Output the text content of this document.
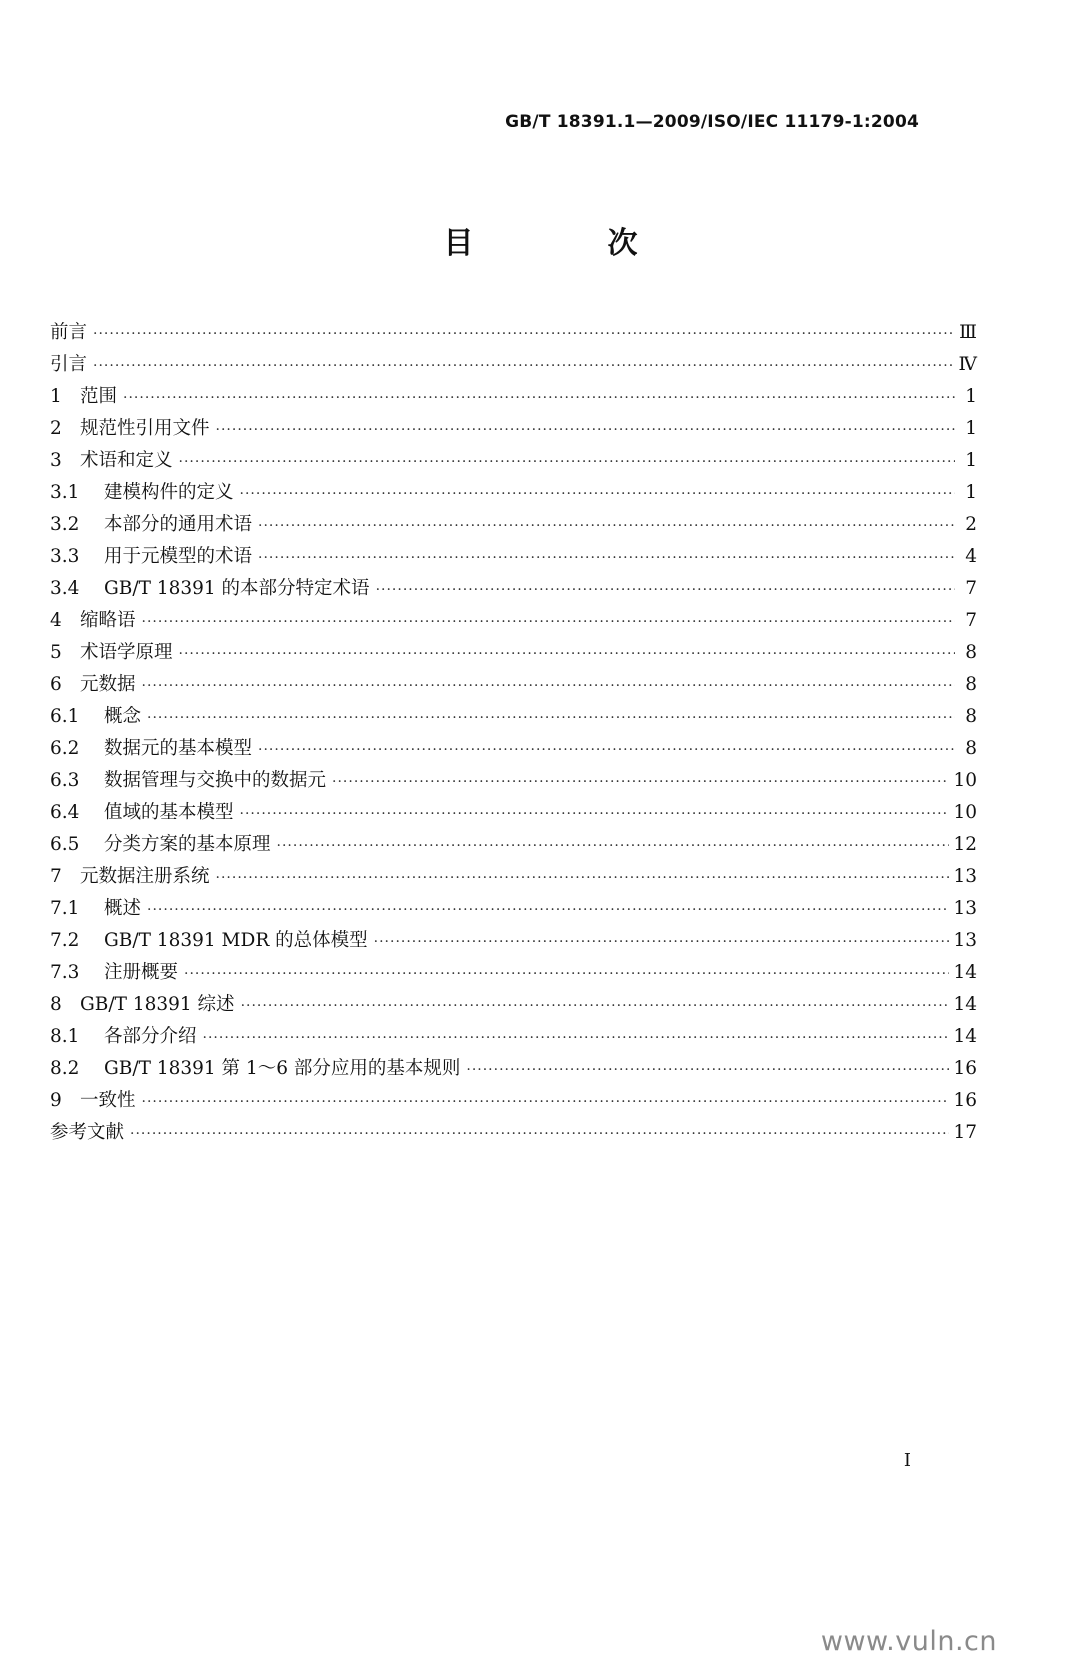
GB/T 18391.1—2009/ISO/IEC 11179-1:2004
目　次
前言 ·····	Ⅲ
引言 ·····	Ⅳ
1 范围 ·····	1
2 规范性引用文件 ·····	1
3 术语和定义 ·····	1
3.1	建模构件的定义 ·····	1
3.2	本部分的通用术语 ·····	2
3.3	用于元模型的术语 ·····	4
3.4	GB/T 18391 的本部分特定术语 ·····	7
4 缩略语 ·····	7
5 术语学原理 ·····	8
6 元数据 ·····	8
6.1	概念 ·····	8
6.2	数据元的基本模型 ·····	8
6.3	数据管理与交换中的数据元 ·····	10
6.4	值域的基本模型 ·····	10
6.5	分类方案的基本原理 ·····	12
7 元数据注册系统 ·····	13
7.1	概述 ·····	13
7.2	GB/T 18391 MDR 的总体模型 ·····	13
7.3	注册概要 ·····	14
8 GB/T 18391 综述 ·····	14
8.1	各部分介绍 ·····	14
8.2	GB/T 18391 第 1～6 部分应用的基本规则 ·····	16
9 一致性 ·····	16
参考文献 ·····	17
I
www.vuln.cn
